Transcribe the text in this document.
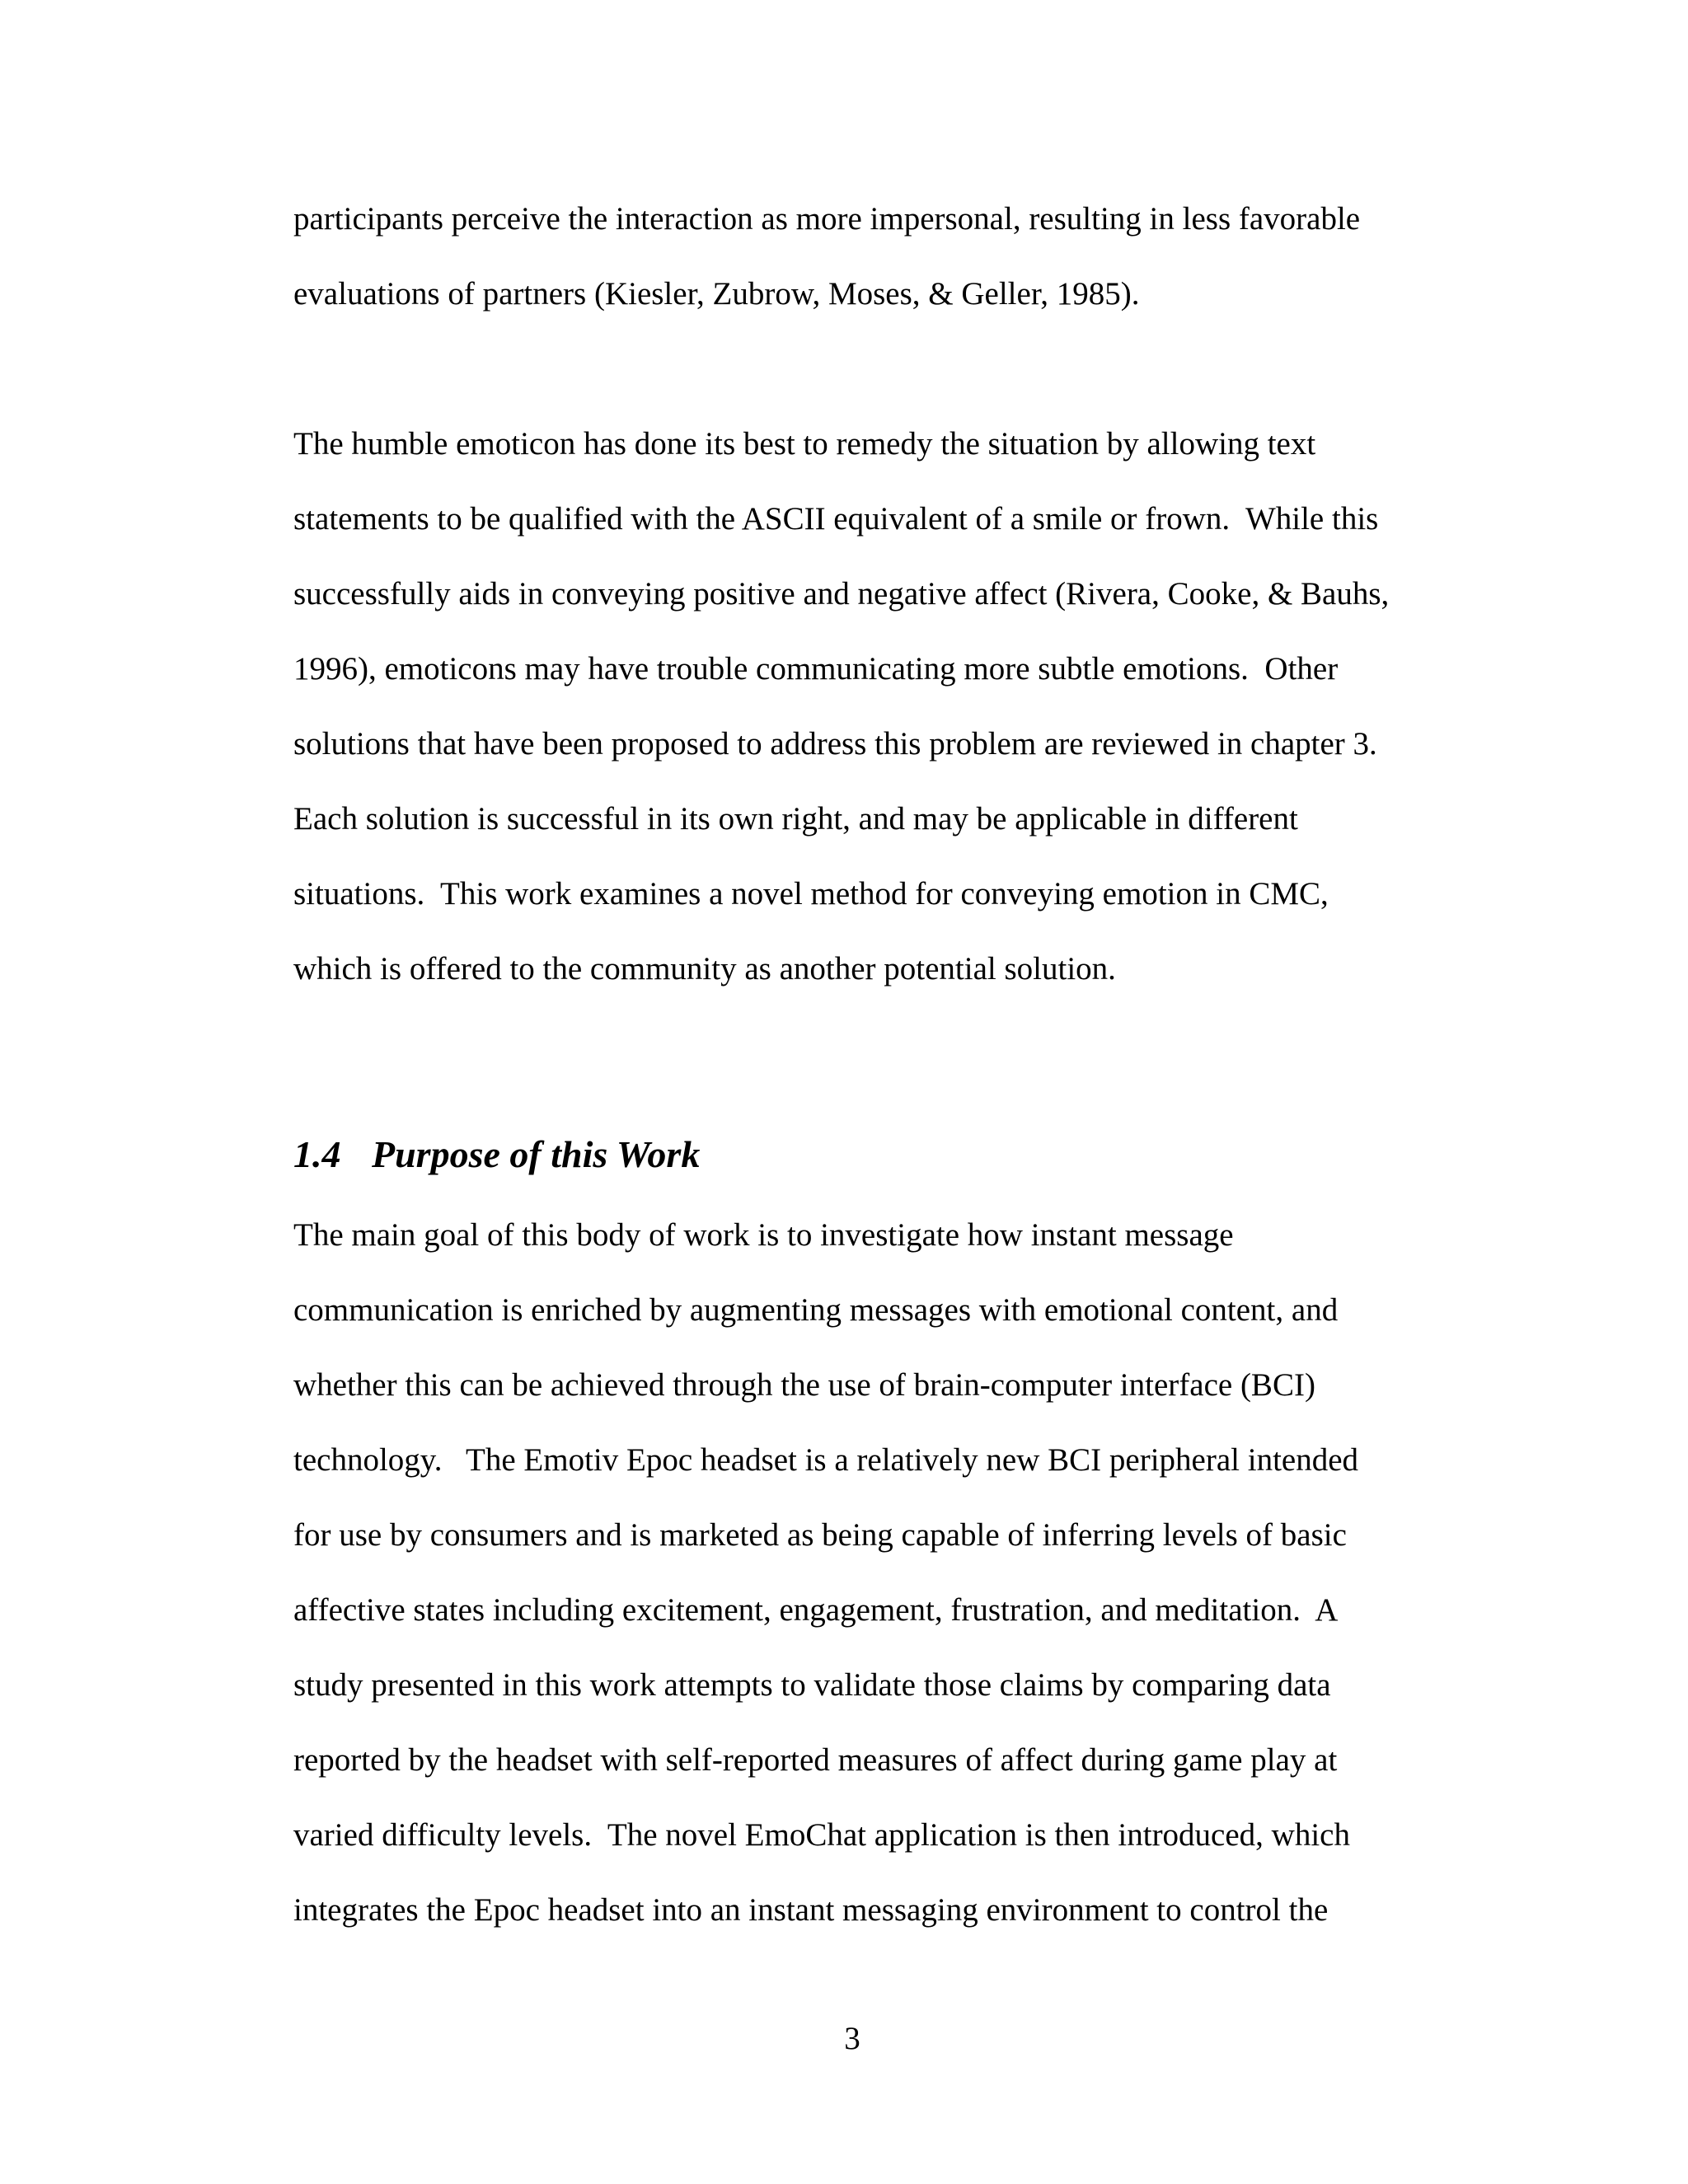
participants perceive the interaction as more impersonal, resulting in less favorable
evaluations of partners (Kiesler, Zubrow, Moses, & Geller, 1985).
The humble emoticon has done its best to remedy the situation by allowing text
statements to be qualified with the ASCII equivalent of a smile or frown.  While this
successfully aids in conveying positive and negative affect (Rivera, Cooke, & Bauhs,
1996), emoticons may have trouble communicating more subtle emotions.  Other
solutions that have been proposed to address this problem are reviewed in chapter 3.
Each solution is successful in its own right, and may be applicable in different
situations.  This work examines a novel method for conveying emotion in CMC,
which is offered to the community as another potential solution.
1.4 Purpose of this Work
The main goal of this body of work is to investigate how instant message
communication is enriched by augmenting messages with emotional content, and
whether this can be achieved through the use of brain-computer interface (BCI)
technology.   The Emotiv Epoc headset is a relatively new BCI peripheral intended
for use by consumers and is marketed as being capable of inferring levels of basic
affective states including excitement, engagement, frustration, and meditation.  A
study presented in this work attempts to validate those claims by comparing data
reported by the headset with self-reported measures of affect during game play at
varied difficulty levels.  The novel EmoChat application is then introduced, which
integrates the Epoc headset into an instant messaging environment to control the
3
